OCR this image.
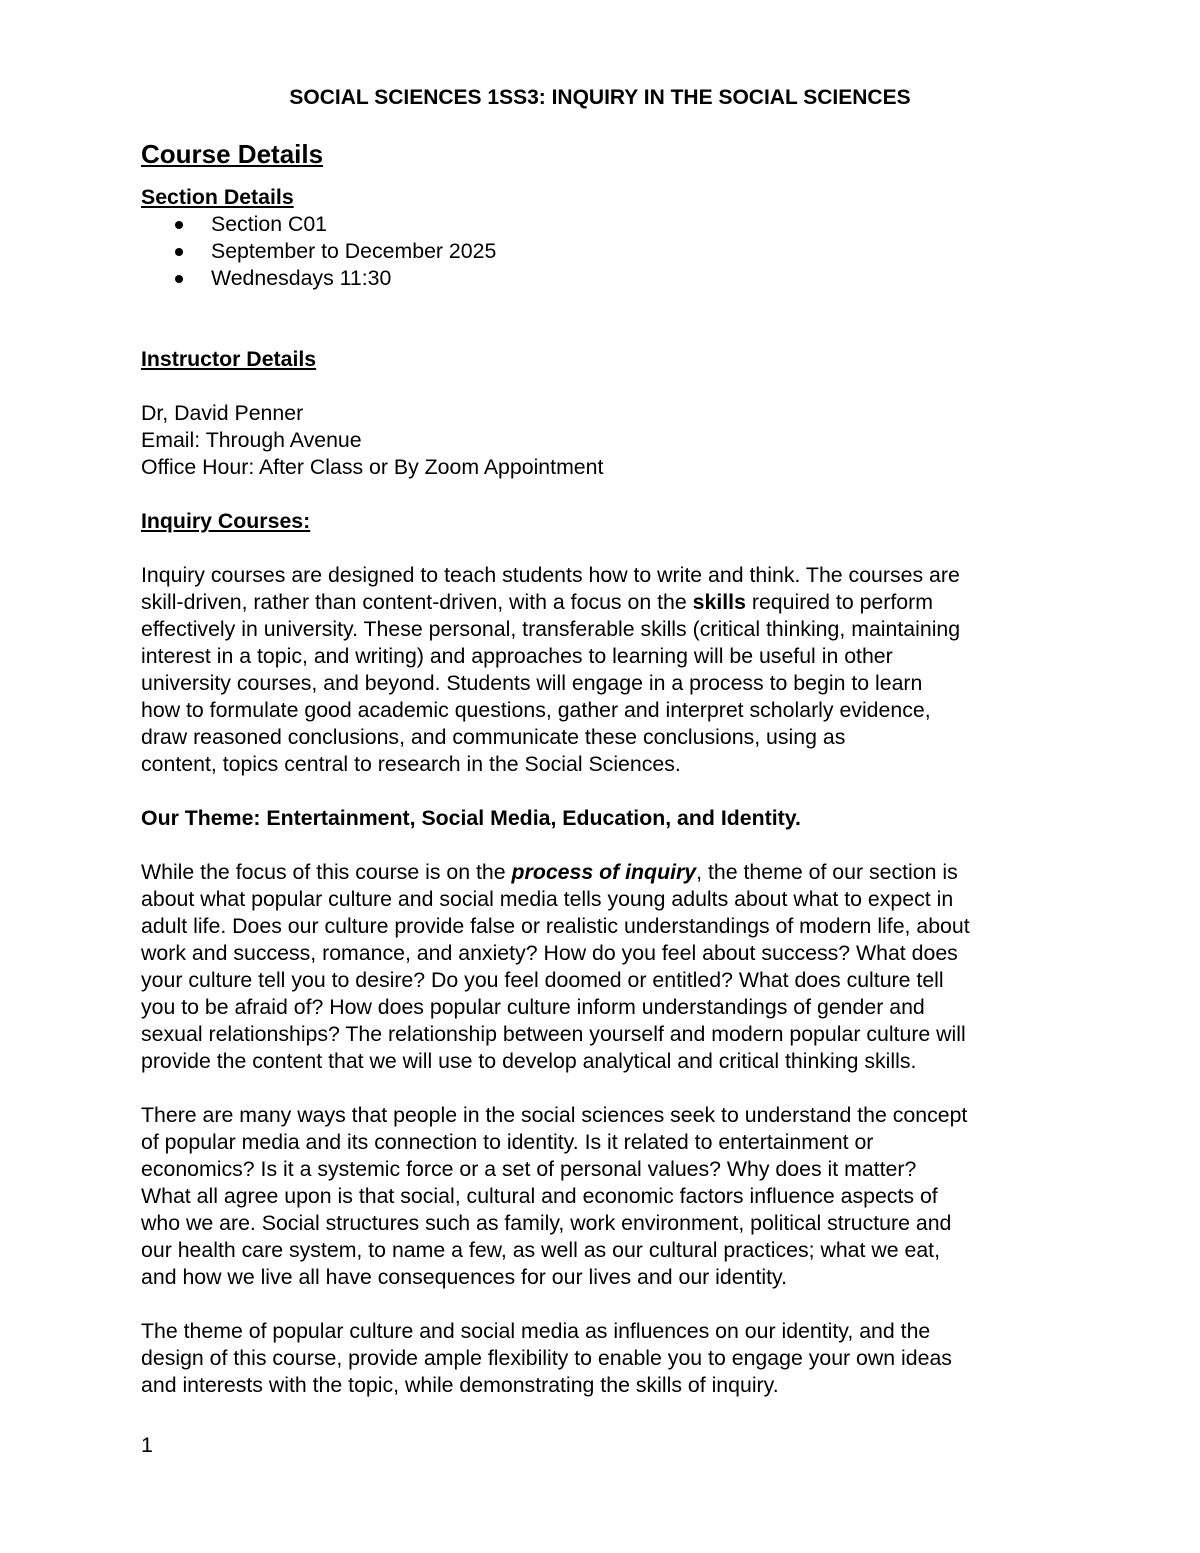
SOCIAL SCIENCES 1SS3: INQUIRY IN THE SOCIAL SCIENCES

Course Details

Section Details

Section C01
September to December 2025
Wednesdays 11:30

Instructor Details

Dr, David Penner

Email: Through Avenue

Office Hour: After Class or By Zoom Appointment

Inquiry Courses:

Inquiry courses are designed to teach students how to write and think. The courses are

skill-driven, rather than content-driven, with a focus on the skills required to perform

effectively in university. These personal, transferable skills (critical thinking, maintaining

interest in a topic, and writing) and approaches to learning will be useful in other

university courses, and beyond. Students will engage in a process to begin to learn

how to formulate good academic questions, gather and interpret scholarly evidence,

draw reasoned conclusions, and communicate these conclusions, using as

content, topics central to research in the Social Sciences.

Our Theme: Entertainment, Social Media, Education, and Identity.

While the focus of this course is on the process of inquiry, the theme of our section is

about what popular culture and social media tells young adults about what to expect in

adult life. Does our culture provide false or realistic understandings of modern life, about

work and success, romance, and anxiety? How do you feel about success? What does

your culture tell you to desire? Do you feel doomed or entitled? What does culture tell

you to be afraid of? How does popular culture inform understandings of gender and

sexual relationships? The relationship between yourself and modern popular culture will

provide the content that we will use to develop analytical and critical thinking skills.

There are many ways that people in the social sciences seek to understand the concept

of popular media and its connection to identity. Is it related to entertainment or

economics? Is it a systemic force or a set of personal values? Why does it matter?

What all agree upon is that social, cultural and economic factors influence aspects of

who we are. Social structures such as family, work environment, political structure and

our health care system, to name a few, as well as our cultural practices; what we eat,

and how we live all have consequences for our lives and our identity.

The theme of popular culture and social media as influences on our identity, and the

design of this course, provide ample flexibility to enable you to engage your own ideas

and interests with the topic, while demonstrating the skills of inquiry.

1
